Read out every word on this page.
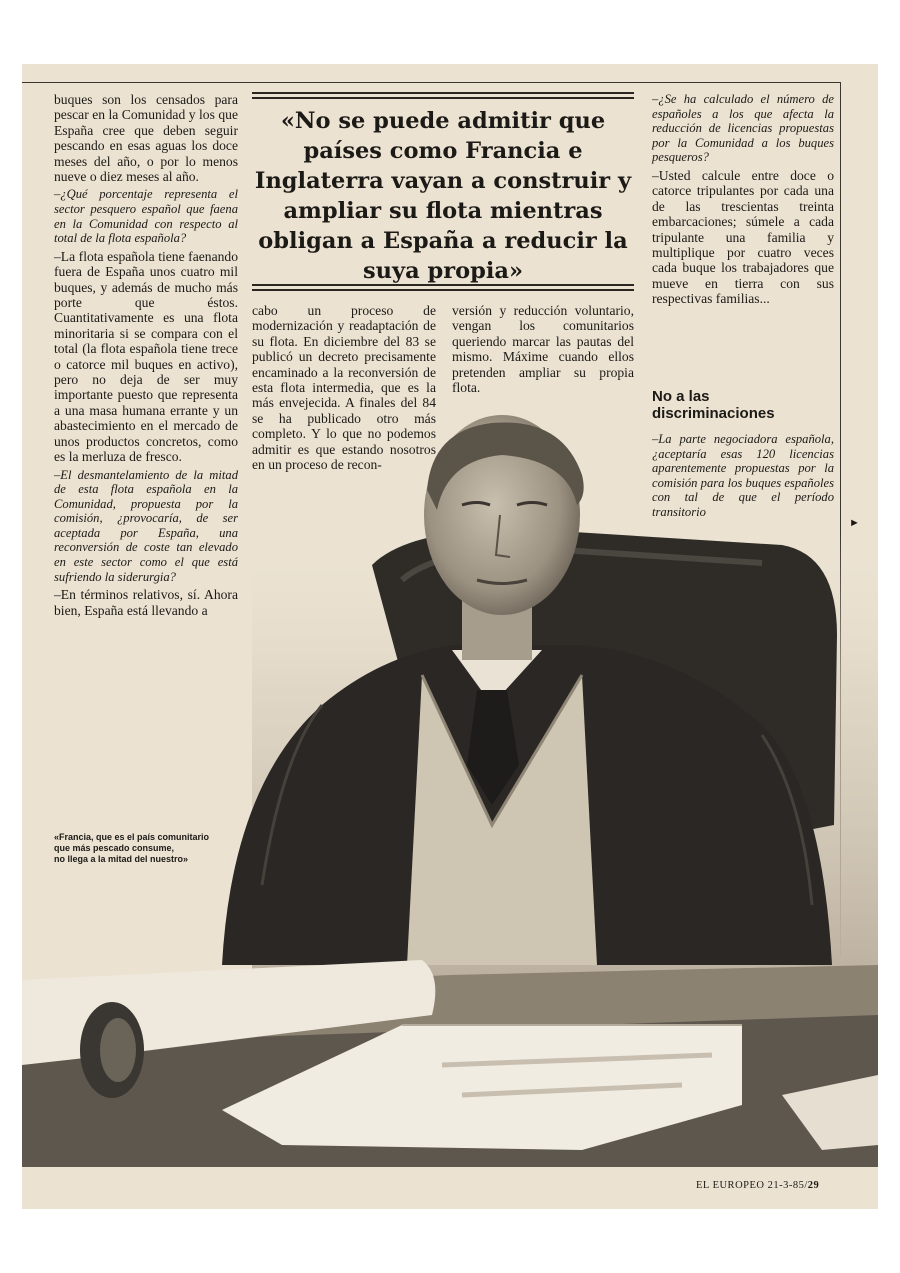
«No se puede admitir que países como Francia e Inglaterra vayan a construir y ampliar su flota mientras obligan a España a reducir la suya propia»

buques son los censados para pescar en la Comunidad y los que España cree que deben seguir pescando en esas aguas los doce meses del año, o por lo menos nueve o diez meses al año.

–¿Qué porcentaje representa el sector pesquero español que faena en la Comunidad con respecto al total de la flota española?

–La flota española tiene faenando fuera de España unos cuatro mil buques, y además de mucho más porte que éstos. Cuantitativamente es una flota minoritaria si se compara con el total (la flota española tiene trece o catorce mil buques en activo), pero no deja de ser muy importante puesto que representa a una masa humana errante y un abastecimiento en el mercado de unos productos concretos, como es la merluza de fresco.

–El desmantelamiento de la mitad de esta flota española en la Comunidad, propuesta por la comisión, ¿provocaría, de ser aceptada por España, una reconversión de coste tan elevado en este sector como el que está sufriendo la siderurgia?

–En términos relativos, sí. Ahora bien, España está llevando a

cabo un proceso de modernización y readaptación de su flota. En diciembre del 83 se publicó un decreto precisamente encaminado a la reconversión de esta flota intermedia, que es la más envejecida. A finales del 84 se ha publicado otro más completo. Y lo que no podemos admitir es que estando nosotros en un proceso de recon-

versión y reducción voluntario, vengan los comunitarios queriendo marcar las pautas del mismo. Máxime cuando ellos pretenden ampliar su propia flota.

–¿Se ha calculado el número de españoles a los que afecta la reducción de licencias propuestas por la Comunidad a los buques pesqueros?

–Usted calcule entre doce o catorce tripulantes por cada una de las trescientas treinta embarcaciones; súmele a cada tripulante una familia y multiplique por cuatro veces cada buque los trabajadores que mueve en tierra con sus respectivas familias...

No a las
discriminaciones

–La parte negociadora española, ¿aceptaría esas 120 licencias aparentemente propuestas por la comisión para los buques españoles con tal de que el período transitorio

►
«Francia, que es el país comunitario
que más pescado consume,
no llega a la mitad del nuestro»
EL EUROPEO 21-3-85/29
